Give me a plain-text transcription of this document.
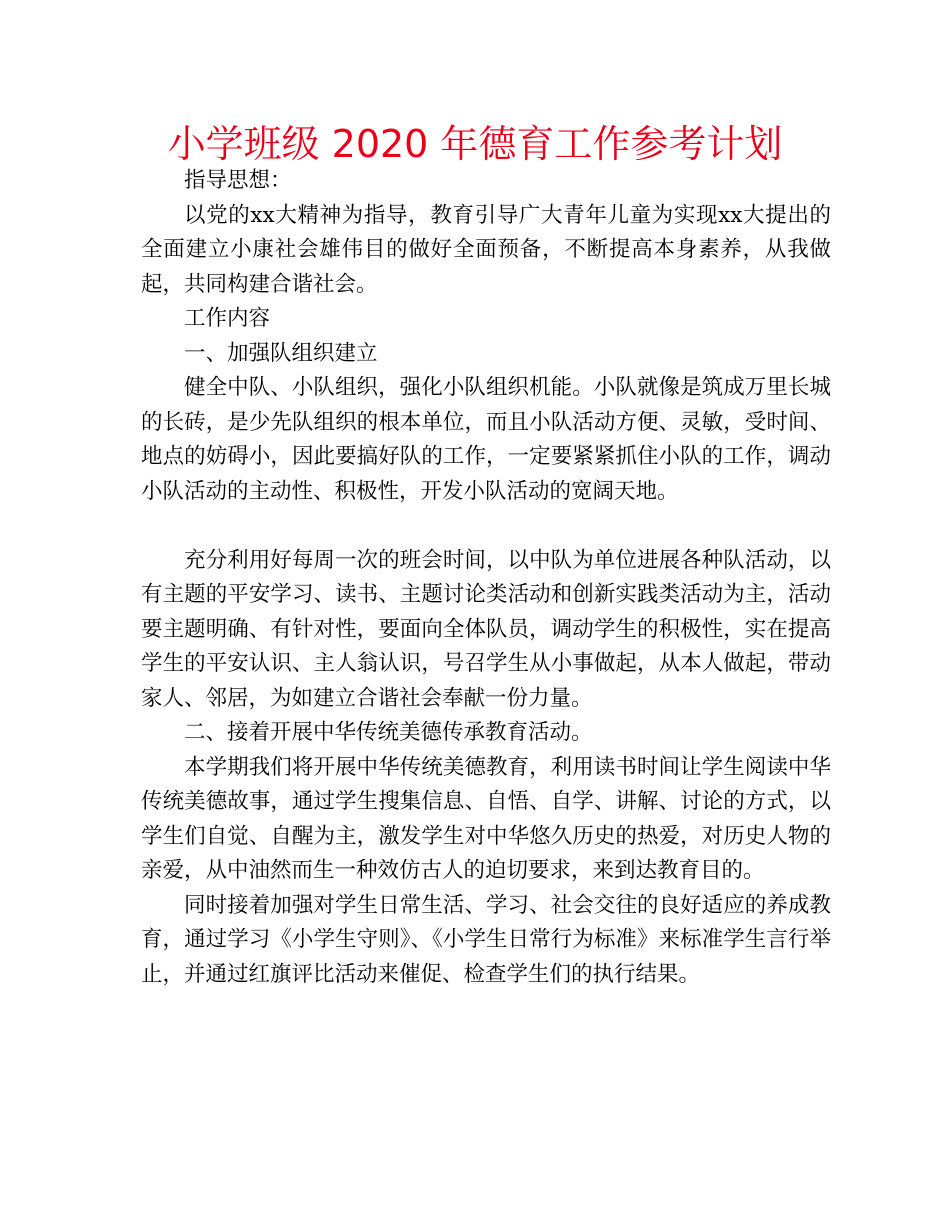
小学班级 2020 年德育工作参考计划

指导思想：

以党的xx大精神为指导，教育引导广大青年儿童为实现xx大提出的全面建立小康社会雄伟目的做好全面预备，不断提高本身素养，从我做起，共同构建合谐社会。

工作内容

一、加强队组织建立

健全中队、小队组织，强化小队组织机能。小队就像是筑成万里长城的长砖，是少先队组织的根本单位，而且小队活动方便、灵敏，受时间、地点的妨碍小，因此要搞好队的工作，一定要紧紧抓住小队的工作，调动小队活动的主动性、积极性，开发小队活动的宽阔天地。

充分利用好每周一次的班会时间，以中队为单位进展各种队活动，以有主题的平安学习、读书、主题讨论类活动和创新实践类活动为主，活动要主题明确、有针对性，要面向全体队员，调动学生的积极性，实在提高学生的平安认识、主人翁认识，号召学生从小事做起，从本人做起，带动家人、邻居，为如建立合谐社会奉献一份力量。

二、接着开展中华传统美德传承教育活动。

本学期我们将开展中华传统美德教育，利用读书时间让学生阅读中华传统美德故事，通过学生搜集信息、自悟、自学、讲解、讨论的方式，以学生们自觉、自醒为主，激发学生对中华悠久历史的热爱，对历史人物的亲爱，从中油然而生一种效仿古人的迫切要求，来到达教育目的。

同时接着加强对学生日常生活、学习、社会交往的良好适应的养成教育，通过学习《小学生守则》、《小学生日常行为标准》来标准学生言行举止，并通过红旗评比活动来催促、检查学生们的执行结果。
